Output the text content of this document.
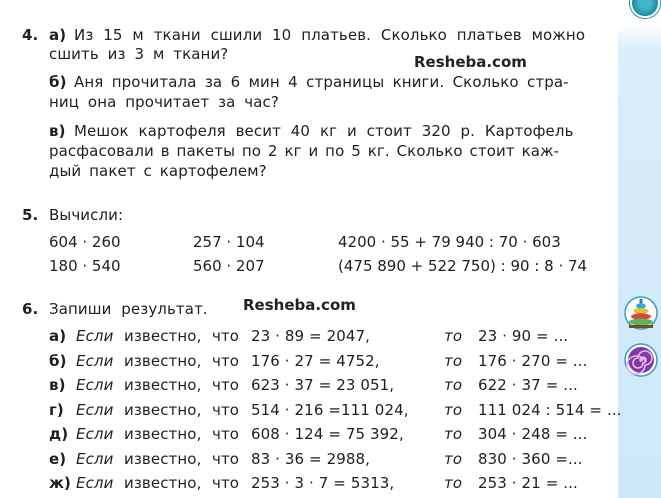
Resheba.com
Resheba.com
4. а) Из 15 м ткани сшили 10 платьев. Сколько платьев можно
сшить из 3 м ткани?
б) Аня прочитала за 6 мин 4 страницы книги. Сколько стра-
ниц она прочитает за час?
в) Мешок картофеля весит 40 кг и стоит 320 р. Картофель
расфасовали в пакеты по 2 кг и по 5 кг. Сколько стоит каж-
дый пакет с картофелем?
5. Вычисли:
604 · 260	257 · 104	4200 · 55 + 79 940 : 70 · 603
180 · 540	560 · 207	(475 890 + 522 750) : 90 : 8 · 74
6. Запиши результат.
а) Если известно, что 23 · 89 = 2047,	то 23 · 90 = ...
б) Если известно, что 176 · 27 = 4752,	то 176 · 270 = ...
в) Если известно, что 623 · 37 = 23 051,	то 622 · 37 = ...
г) Если известно, что 514 · 216 =111 024, то 111 024 : 514 = ...
д) Если известно, что 608 · 124 = 75 392,	то 304 · 248 = ...
е) Если известно, что 83 · 36 = 2988,	то 830 · 360 =...
ж) Если известно, что 253 · 3 · 7 = 5313,	то 253 · 21 = ...
